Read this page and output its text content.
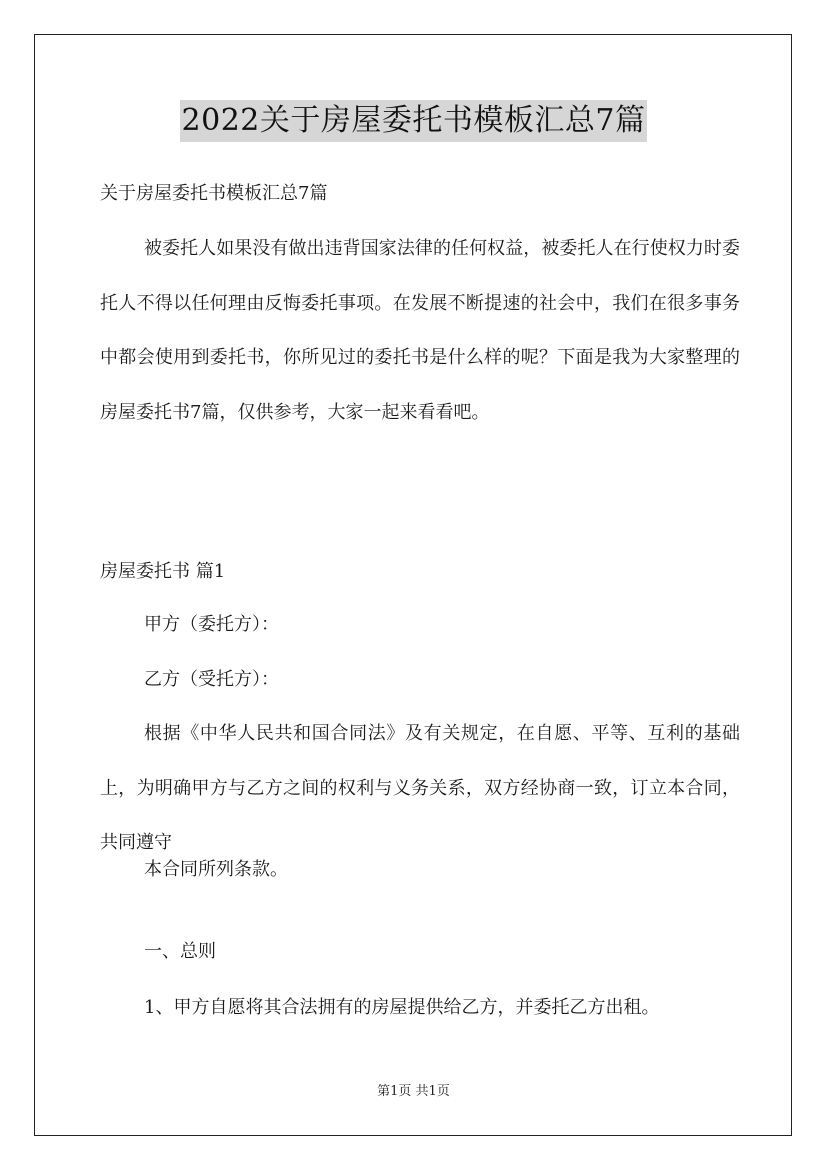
2022关于房屋委托书模板汇总7篇
关于房屋委托书模板汇总7篇

被委托人如果没有做出违背国家法律的任何权益，被委托人在行使权力时委托人不得以任何理由反悔委托事项。在发展不断提速的社会中，我们在很多事务中都会使用到委托书，你所见过的委托书是什么样的呢？下面是我为大家整理的房屋委托书7篇，仅供参考，大家一起来看看吧。

房屋委托书 篇1
甲方（委托方）：
乙方（受托方）：

根据《中华人民共和国合同法》及有关规定，在自愿、平等、互利的基础上，为明确甲方与乙方之间的权利与义务关系，双方经协商一致，订立本合同，共同遵守

本合同所列条款。
一、总则
1、甲方自愿将其合法拥有的房屋提供给乙方，并委托乙方出租。
第1页 共1页
